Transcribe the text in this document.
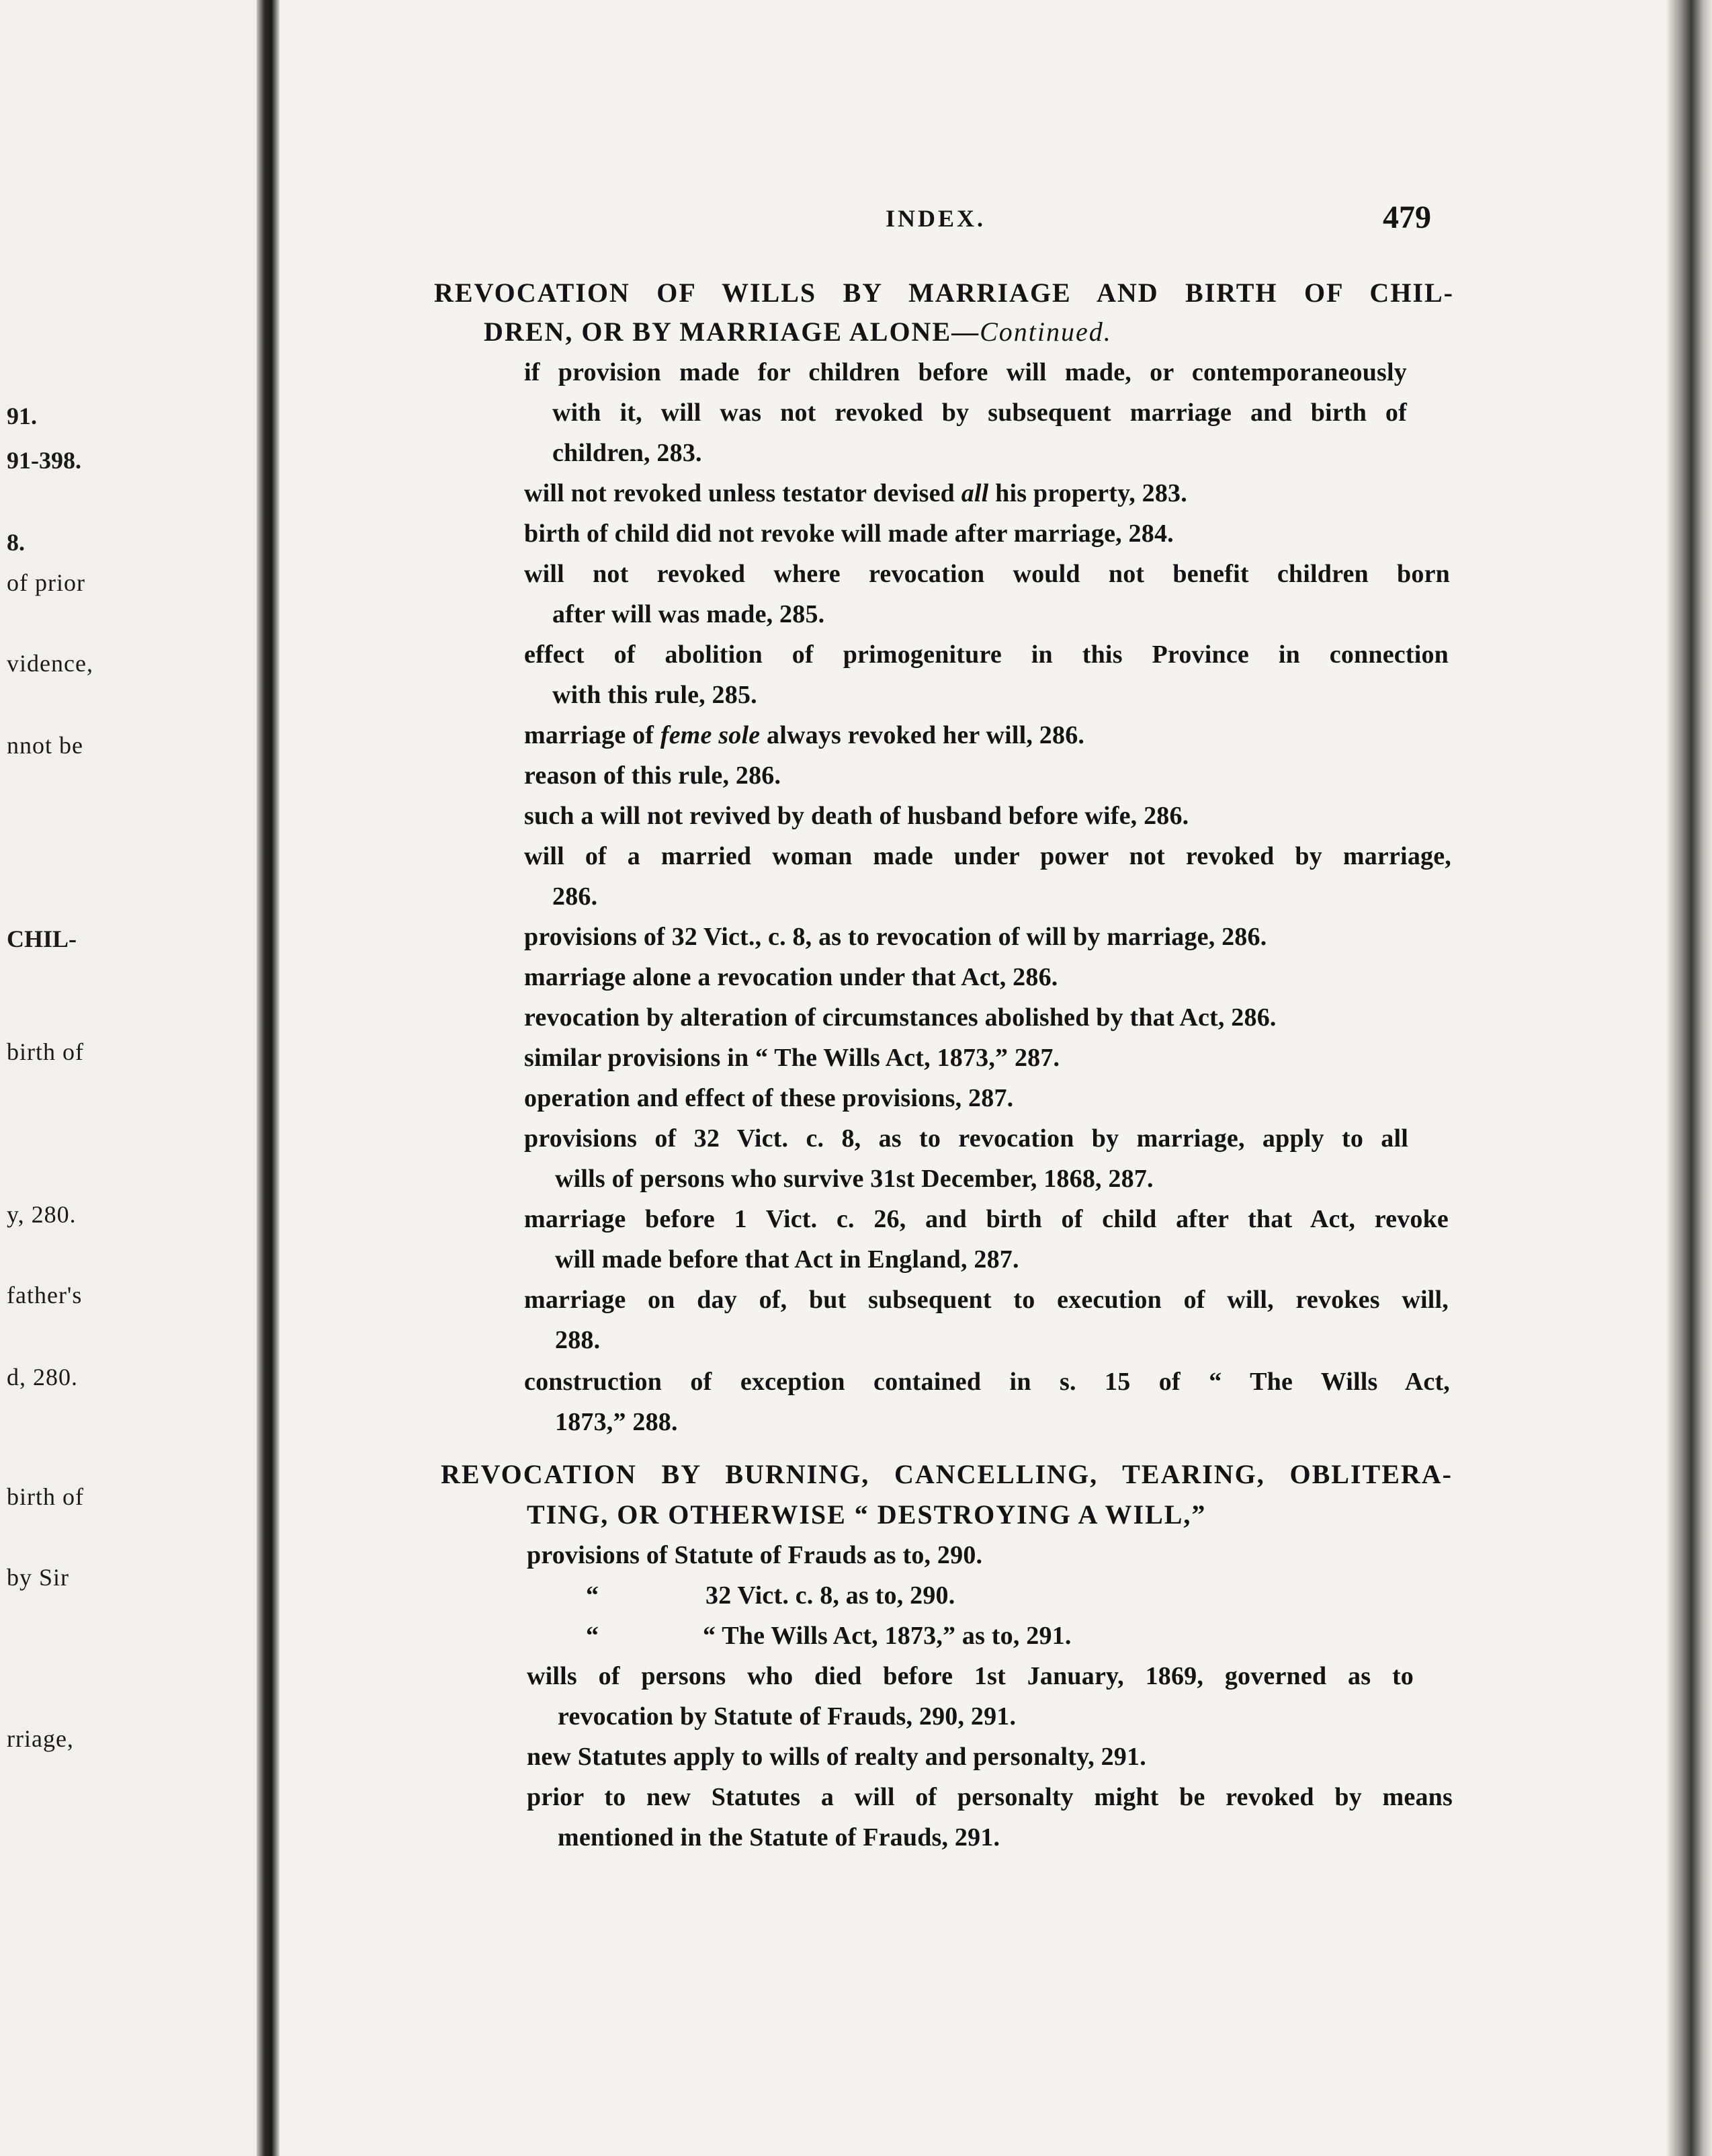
91.
91-398.
8.
of prior
vidence,
nnot be
CHIL-
birth of
y, 280.
father's
d, 280.
birth of
by Sir
rriage,
INDEX.	479
REVOCATION OF WILLS BY MARRIAGE AND BIRTH OF CHIL-
DREN, OR BY MARRIAGE ALONE—Continued.
if provision made for children before will made, or contemporaneously
with it, will was not revoked by subsequent marriage and birth of
children, 283.
will not revoked unless testator devised all his property, 283.
birth of child did not revoke will made after marriage, 284.
will not revoked where revocation would not benefit children born
after will was made, 285.
effect of abolition of primogeniture in this Province in connection
with this rule, 285.
marriage of feme sole always revoked her will, 286.
reason of this rule, 286.
such a will not revived by death of husband before wife, 286.
will of a married woman made under power not revoked by marriage,
286.
provisions of 32 Vict., c. 8, as to revocation of will by marriage, 286.
marriage alone a revocation under that Act, 286.
revocation by alteration of circumstances abolished by that Act, 286.
similar provisions in “ The Wills Act, 1873,” 287.
operation and effect of these provisions, 287.
provisions of 32 Vict. c. 8, as to revocation by marriage, apply to all
wills of persons who survive 31st December, 1868, 287.
marriage before 1 Vict. c. 26, and birth of child after that Act, revoke
will made before that Act in England, 287.
marriage on day of, but subsequent to execution of will, revokes will,
288.
construction of exception contained in s. 15 of “ The Wills Act,
1873,” 288.
REVOCATION BY BURNING, CANCELLING, TEARING, OBLITERA-
TING, OR OTHERWISE “ DESTROYING A WILL,”
provisions of Statute of Frauds as to, 290.
“	32 Vict. c. 8, as to, 290.
“	“ The Wills Act, 1873,” as to, 291.
wills of persons who died before 1st January, 1869, governed as to
revocation by Statute of Frauds, 290, 291.
new Statutes apply to wills of realty and personalty, 291.
prior to new Statutes a will of personalty might be revoked by means
mentioned in the Statute of Frauds, 291.
